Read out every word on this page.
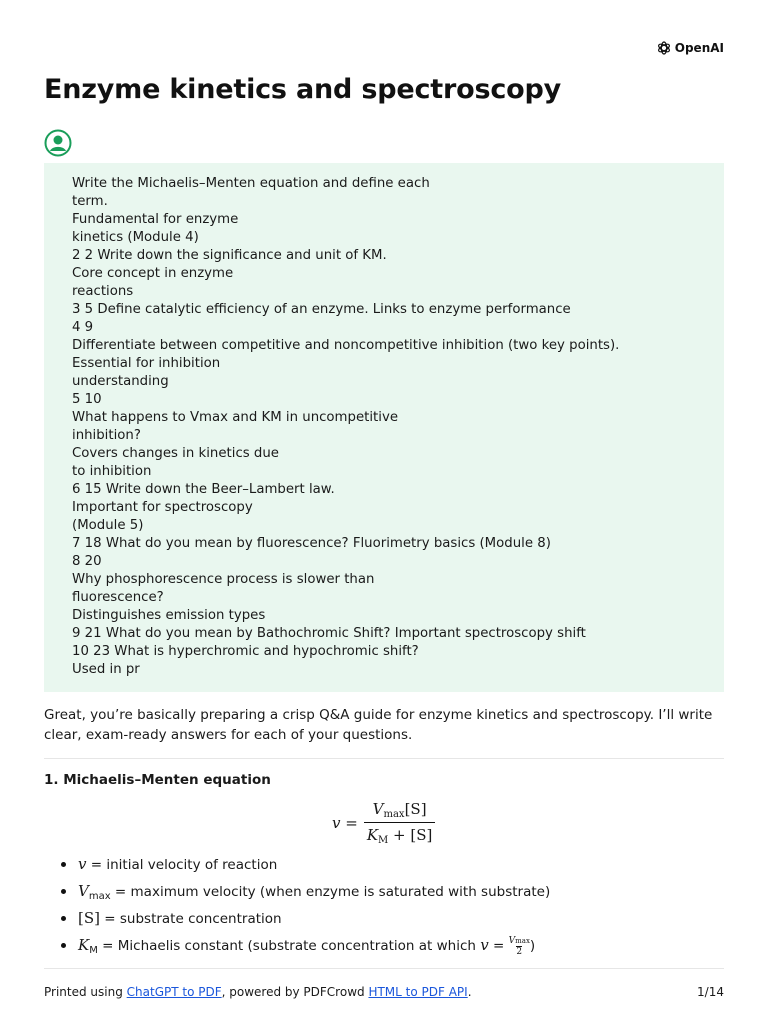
OpenAI
Enzyme kinetics and spectroscopy
Write the Michaelis–Menten equation and define each
term.
Fundamental for enzyme
kinetics (Module 4)
2 2 Write down the significance and unit of KM.
Core concept in enzyme
reactions
3 5 Define catalytic efficiency of an enzyme. Links to enzyme performance
4 9
Differentiate between competitive and noncompetitive inhibition (two key points).
Essential for inhibition
understanding
5 10
What happens to Vmax and KM in uncompetitive
inhibition?
Covers changes in kinetics due
to inhibition
6 15 Write down the Beer–Lambert law.
Important for spectroscopy
(Module 5)
7 18 What do you mean by fluorescence? Fluorimetry basics (Module 8)
8 20
Why phosphorescence process is slower than
fluorescence?
Distinguishes emission types
9 21 What do you mean by Bathochromic Shift? Important spectroscopy shift
10 23 What is hyperchromic and hypochromic shift?
Used in pr
Great, you’re basically preparing a crisp Q&A guide for enzyme kinetics and spectroscopy. I’ll write clear, exam-ready answers for each of your questions.
1. Michaelis–Menten equation
$v = \frac{V_{max}[S]}{K_M + [S]}$
v = initial velocity of reaction
$V_{max}$ = maximum velocity (when enzyme is saturated with substrate)
[S] = substrate concentration
$K_M$ = Michaelis constant (substrate concentration at which v = Vmax
2 )
Printed using ChatGPT to PDF, powered by PDFCrowd HTML to PDF API.	1/14
